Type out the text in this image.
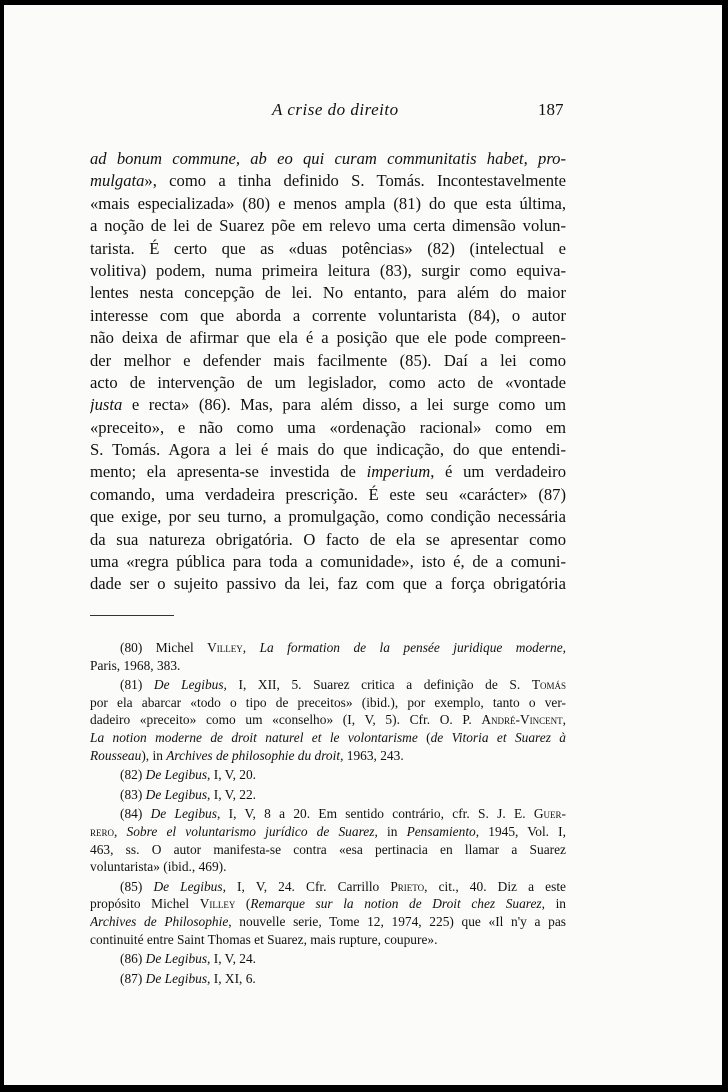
A crise do direito	187
ad bonum commune, ab eo qui curam communitatis habet, pro-
mulgata», como a tinha definido S. Tomás. Incontestavelmente
«mais especializada» (80) e menos ampla (81) do que esta última,
a noção de lei de Suarez põe em relevo uma certa dimensão volun-
tarista. É certo que as «duas potências» (82) (intelectual e
volitiva) podem, numa primeira leitura (83), surgir como equiva-
lentes nesta concepção de lei. No entanto, para além do maior
interesse com que aborda a corrente voluntarista (84), o autor
não deixa de afirmar que ela é a posição que ele pode compreen-
der melhor e defender mais facilmente (85). Daí a lei como
acto de intervenção de um legislador, como acto de «vontade
justa e recta» (86). Mas, para além disso, a lei surge como um
«preceito», e não como uma «ordenação racional» como em
S. Tomás. Agora a lei é mais do que indicação, do que entendi-
mento; ela apresenta-se investida de imperium, é um verdadeiro
comando, uma verdadeira prescrição. É este seu «carácter» (87)
que exige, por seu turno, a promulgação, como condição necessária
da sua natureza obrigatória. O facto de ela se apresentar como
uma «regra pública para toda a comunidade», isto é, de a comuni-
dade ser o sujeito passivo da lei, faz com que a força obrigatória
(80) Michel Villey, La formation de la pensée juridique moderne,
Paris, 1968, 383.
(81) De Legibus, I, XII, 5. Suarez critica a definição de S. Tomás
por ela abarcar «todo o tipo de preceitos» (ibid.), por exemplo, tanto o ver-
dadeiro «preceito» como um «conselho» (I, V, 5). Cfr. O. P. André-Vincent,
La notion moderne de droit naturel et le volontarisme (de Vitoria et Suarez à
Rousseau), in Archives de philosophie du droit, 1963, 243.
(82) De Legibus, I, V, 20.
(83) De Legibus, I, V, 22.
(84) De Legibus, I, V, 8 a 20. Em sentido contrário, cfr. S. J. E. Guer-
rero, Sobre el voluntarismo jurídico de Suarez, in Pensamiento, 1945, Vol. I,
463, ss. O autor manifesta-se contra «esa pertinacia en llamar a Suarez
voluntarista» (ibid., 469).
(85) De Legibus, I, V, 24. Cfr. Carrillo Prieto, cit., 40. Diz a este
propósito Michel Villey (Remarque sur la notion de Droit chez Suarez, in
Archives de Philosophie, nouvelle serie, Tome 12, 1974, 225) que «Il n'y a pas
continuité entre Saint Thomas et Suarez, mais rupture, coupure».
(86) De Legibus, I, V, 24.
(87) De Legibus, I, XI, 6.
